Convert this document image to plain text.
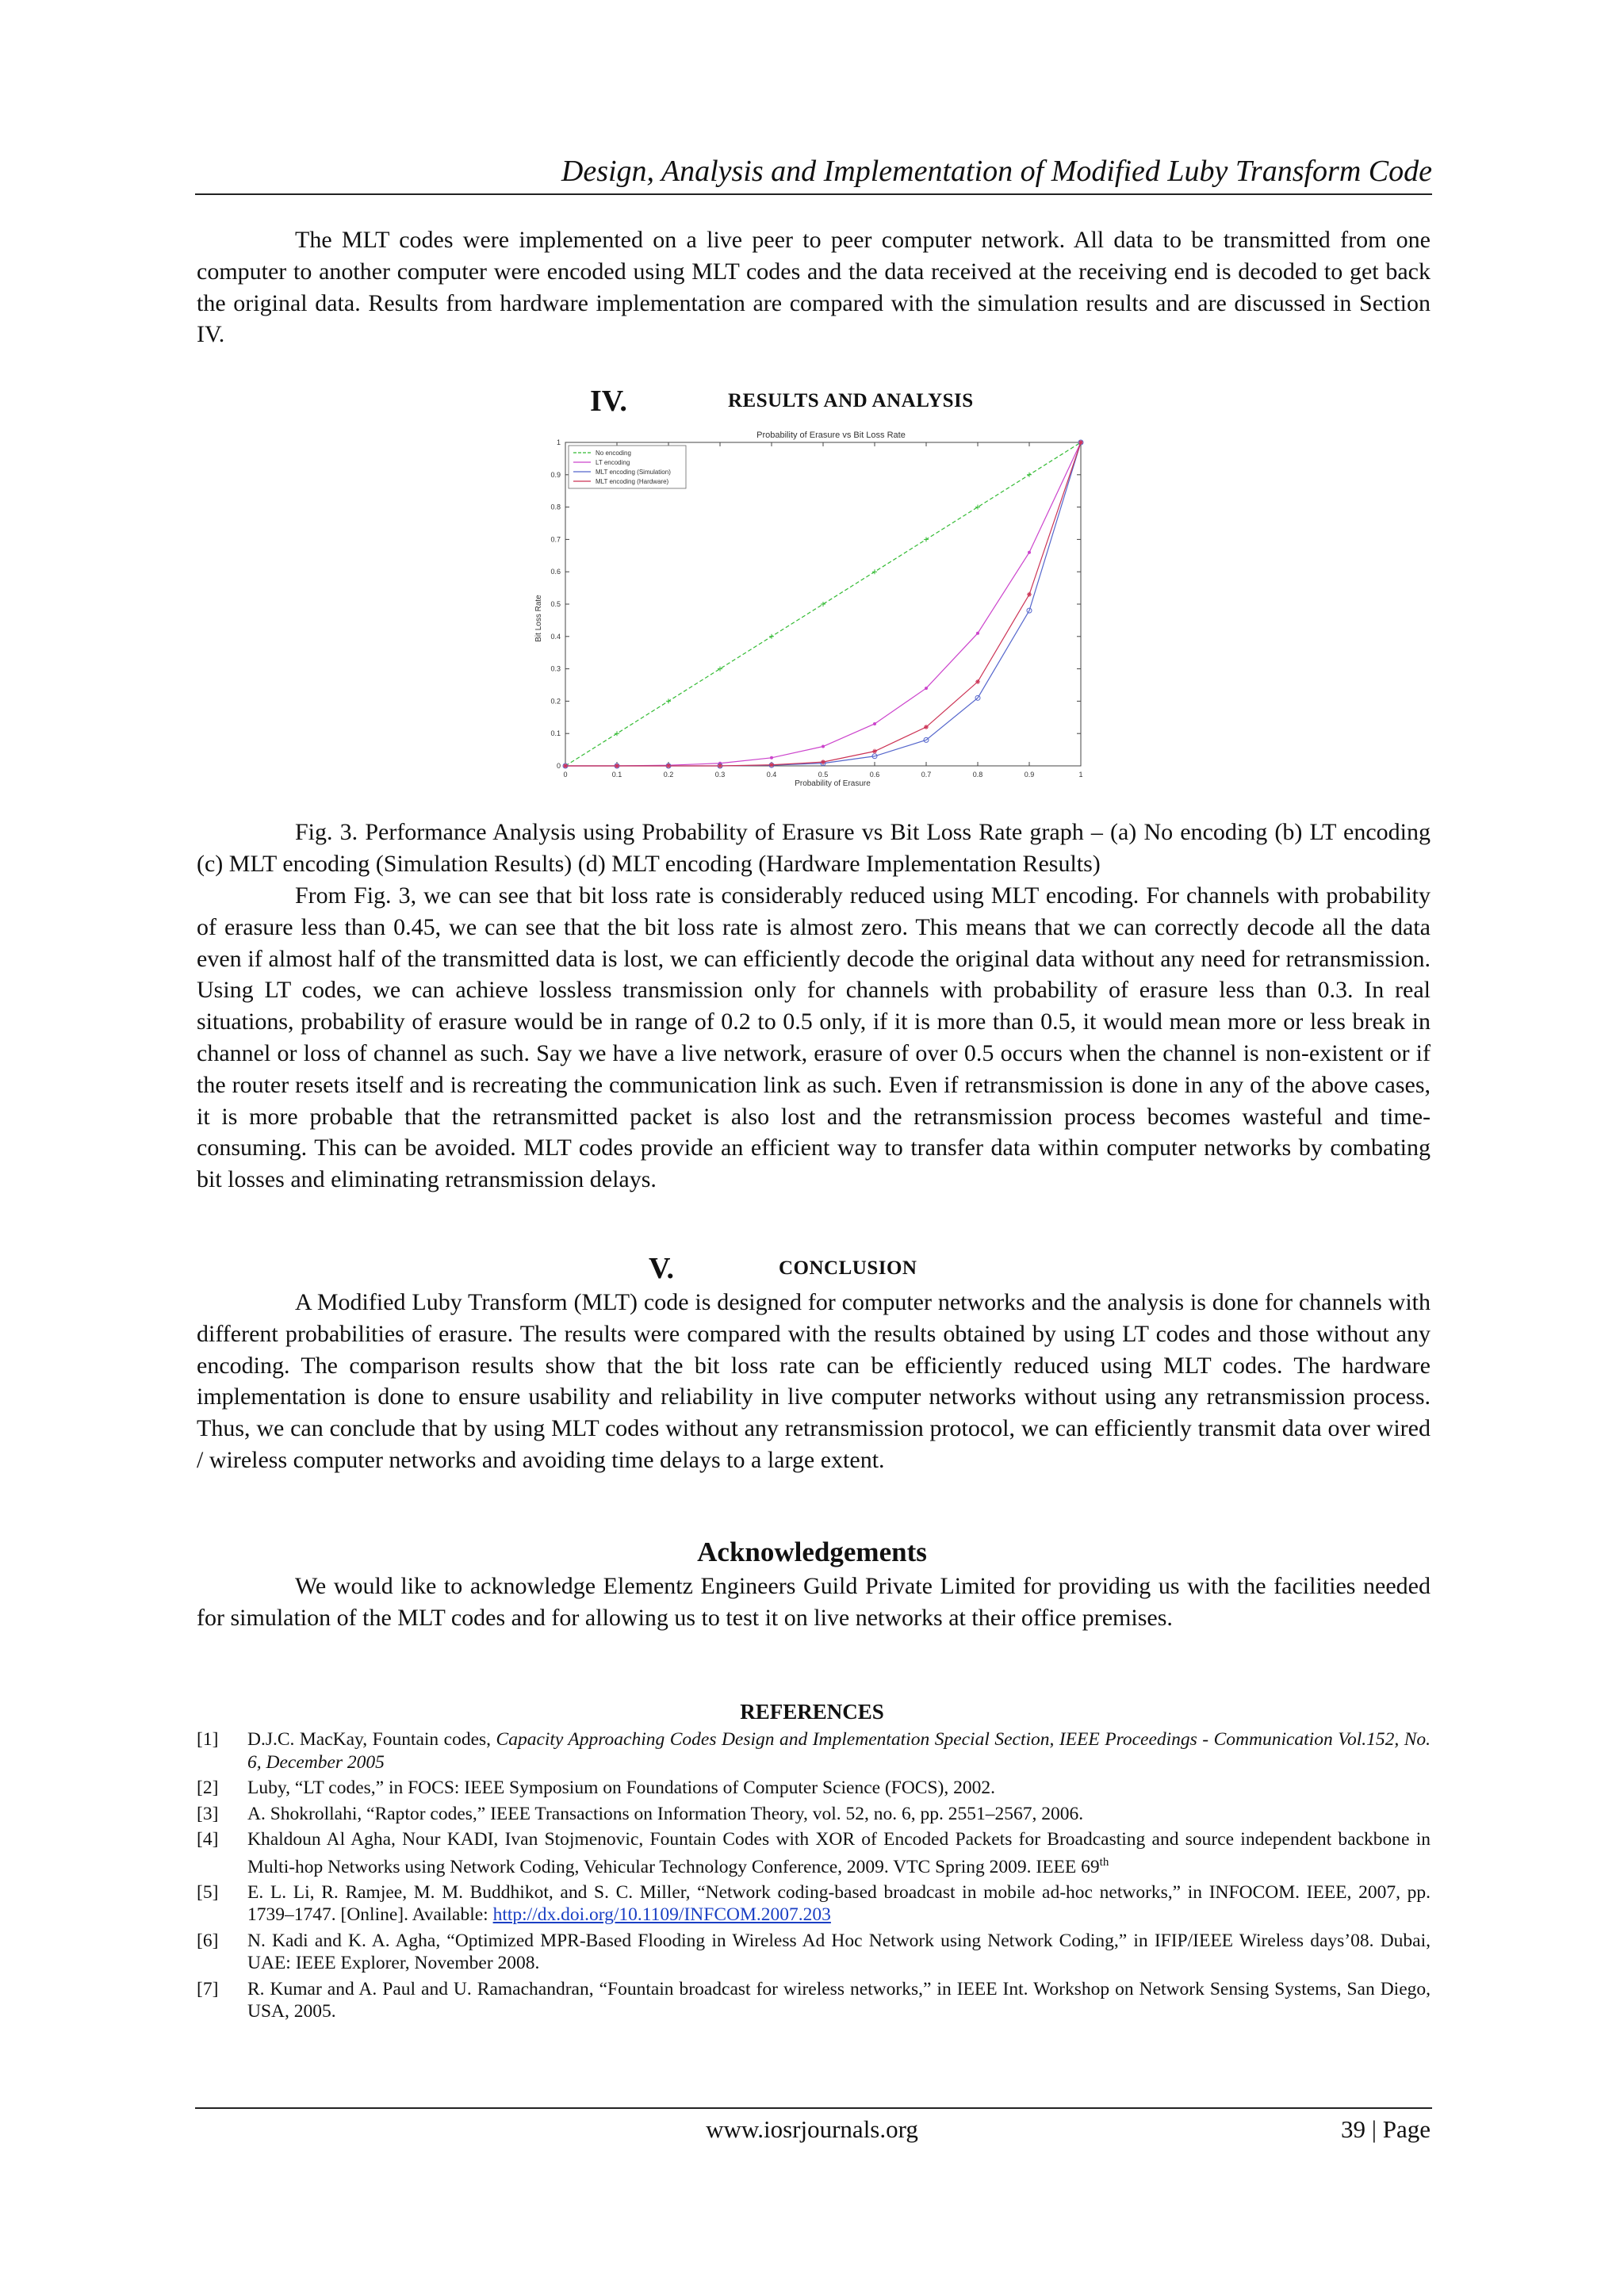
Design, Analysis and Implementation of Modified Luby Transform Code

The MLT codes were implemented on a live peer to peer computer network. All data to be transmitted from one computer to another computer were encoded using MLT codes and the data received at the receiving end is decoded to get back the original data. Results from hardware implementation are compared with the simulation results and are discussed in Section IV.

IV.	RESULTS AND ANALYSIS
Probability of Erasure vs Bit Loss Rate
0	0.1	0.2	0.3	0.4	0.5	0.6	0.7	0.8	0.9	1
0
0.1
0.2
0.3
0.4
0.5
0.6
0.7
0.8
0.9
1
No encoding
LT encoding
MLT encoding (Simulation)
MLT encoding (Hardware)
Probability of Erasure
Bit Loss Rate

Fig. 3. Performance Analysis using Probability of Erasure vs Bit Loss Rate graph – (a) No encoding (b) LT encoding (c) MLT encoding (Simulation Results) (d) MLT encoding (Hardware Implementation Results)

From Fig. 3, we can see that bit loss rate is considerably reduced using MLT encoding. For channels with probability of erasure less than 0.45, we can see that the bit loss rate is almost zero. This means that we can correctly decode all the data even if almost half of the transmitted data is lost, we can efficiently decode the original data without any need for retransmission. Using LT codes, we can achieve lossless transmission only for channels with probability of erasure less than 0.3. In real situations, probability of erasure would be in range of 0.2 to 0.5 only, if it is more than 0.5, it would mean more or less break in channel or loss of channel as such. Say we have a live network, erasure of over 0.5 occurs when the channel is non-existent or if the router resets itself and is recreating the communication link as such. Even if retransmission is done in any of the above cases, it is more probable that the retransmitted packet is also lost and the retransmission process becomes wasteful and time-consuming. This can be avoided. MLT codes provide an efficient way to transfer data within computer networks by combating bit losses and eliminating retransmission delays.

V.	CONCLUSION

A Modified Luby Transform (MLT) code is designed for computer networks and the analysis is done for channels with different probabilities of erasure. The results were compared with the results obtained by using LT codes and those without any encoding. The comparison results show that the bit loss rate can be efficiently reduced using MLT codes. The hardware implementation is done to ensure usability and reliability in live computer networks without using any retransmission process. Thus, we can conclude that by using MLT codes without any retransmission protocol, we can efficiently transmit data over wired / wireless computer networks and avoiding time delays to a large extent.

Acknowledgements

We would like to acknowledge Elementz Engineers Guild Private Limited for providing us with the facilities needed for simulation of the MLT codes and for allowing us to test it on live networks at their office premises.

REFERENCES
[1] D.J.C. MacKay, Fountain codes, Capacity Approaching Codes Design and Implementation Special Section, IEEE Proceedings - Communication Vol.152, No. 6, December 2005
[2] Luby, “LT codes,” in FOCS: IEEE Symposium on Foundations of Computer Science (FOCS), 2002.
[3] A. Shokrollahi, “Raptor codes,” IEEE Transactions on Information Theory, vol. 52, no. 6, pp. 2551–2567, 2006.
[4] Khaldoun Al Agha, Nour KADI, Ivan Stojmenovic, Fountain Codes with XOR of Encoded Packets for Broadcasting and source independent backbone in Multi-hop Networks using Network Coding, Vehicular Technology Conference, 2009. VTC Spring 2009. IEEE 69th
[5] E. L. Li, R. Ramjee, M. M. Buddhikot, and S. C. Miller, “Network coding-based broadcast in mobile ad-hoc networks,” in INFOCOM. IEEE, 2007, pp. 1739–1747. [Online]. Available: http://dx.doi.org/10.1109/INFCOM.2007.203
[6] N. Kadi and K. A. Agha, “Optimized MPR-Based Flooding in Wireless Ad Hoc Network using Network Coding,” in IFIP/IEEE Wireless days’08. Dubai, UAE: IEEE Explorer, November 2008.
[7] R. Kumar and A. Paul and U. Ramachandran, “Fountain broadcast for wireless networks,” in IEEE Int. Workshop on Network Sensing Systems, San Diego, USA, 2005.
www.iosrjournals.org	39 | Page
